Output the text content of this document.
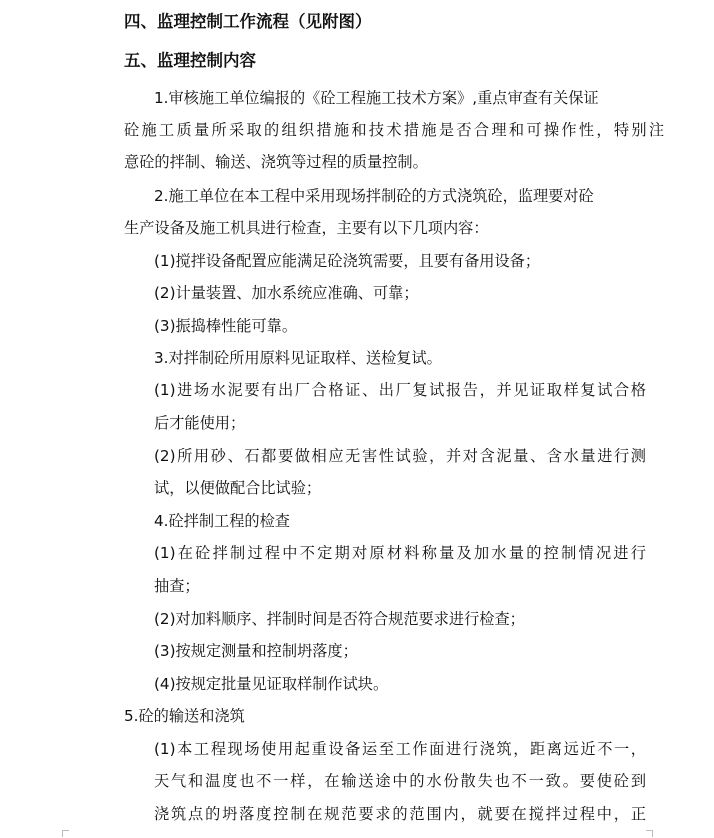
四、监理控制工作流程（见附图）
五、监理控制内容
1.审核施工单位编报的《砼工程施工技术方案》,重点审查有关保证
砼施工质量所采取的组织措施和技术措施是否合理和可操作性，特别注
意砼的拌制、输送、浇筑等过程的质量控制。
2.施工单位在本工程中采用现场拌制砼的方式浇筑砼，监理要对砼
生产设备及施工机具进行检查，主要有以下几项内容：
(1)搅拌设备配置应能满足砼浇筑需要，且要有备用设备；
(2)计量装置、加水系统应准确、可靠；
(3)振捣棒性能可靠。
3.对拌制砼所用原料见证取样、送检复试。
(1)进场水泥要有出厂合格证、出厂复试报告，并见证取样复试合格
后才能使用；
(2)所用砂、石都要做相应无害性试验，并对含泥量、含水量进行测
试，以便做配合比试验；
4.砼拌制工程的检查
(1)在砼拌制过程中不定期对原材料称量及加水量的控制情况进行
抽查；
(2)对加料顺序、拌制时间是否符合规范要求进行检查；
(3)按规定测量和控制坍落度；
(4)按规定批量见证取样制作试块。
5.砼的输送和浇筑
(1)本工程现场使用起重设备运至工作面进行浇筑，距离远近不一，
天气和温度也不一样，在输送途中的水份散失也不一致。要使砼到
浇筑点的坍落度控制在规范要求的范围内，就要在搅拌过程中，正
